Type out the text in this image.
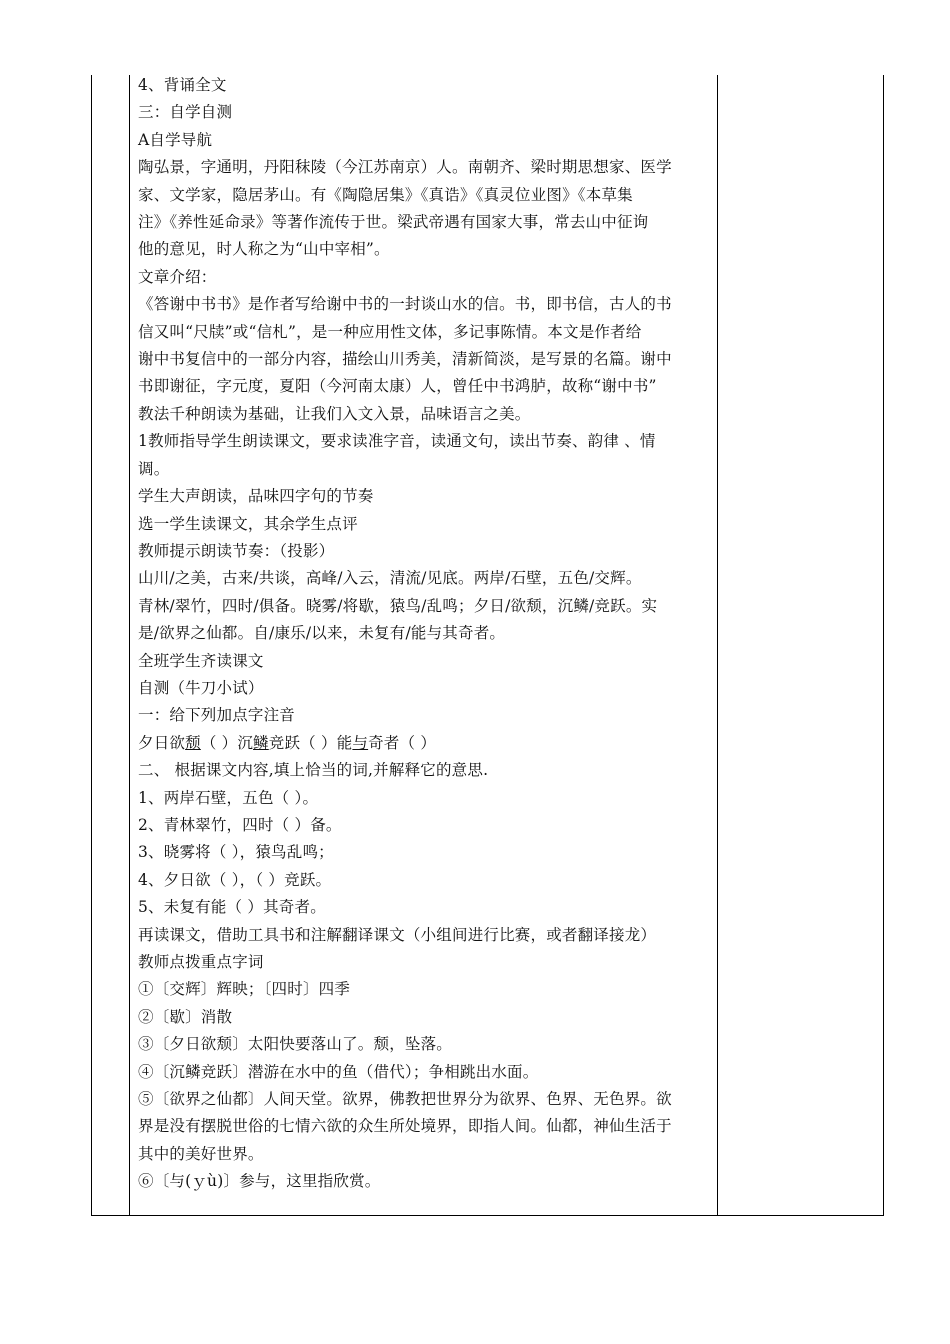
4、背诵全文
三：自学自测
A自学导航
陶弘景，字通明，丹阳秣陵（今江苏南京）人。南朝齐、梁时期思想家、医学
家、文学家，隐居茅山。有《陶隐居集》《真诰》《真灵位业图》《本草集
注》《养性延命录》等著作流传于世。梁武帝遇有国家大事，常去山中征询
他的意见，时人称之为“山中宰相”。
文章介绍：
《答谢中书书》是作者写给谢中书的一封谈山水的信。书，即书信，古人的书
信又叫“尺牍”或“信札”，是一种应用性文体，多记事陈情。本文是作者给
谢中书复信中的一部分内容，描绘山川秀美，清新简淡，是写景的名篇。谢中
书即谢征，字元度，夏阳（今河南太康）人，曾任中书鸿胪，故称“谢中书”
教法千种朗读为基础，让我们入文入景，品味语言之美。
1教师指导学生朗读课文，要求读准字音，读通文句，读出节奏、韵律 、情
调。
学生大声朗读，品味四字句的节奏
选一学生读课文，其余学生点评
教师提示朗读节奏：（投影）
山川/之美，古来/共谈，高峰/入云，清流/见底。两岸/石壁，五色/交辉。
青林/翠竹，四时/俱备。晓雾/将歇，猿鸟/乱鸣；夕日/欲颓，沉鳞/竞跃。实
是/欲界之仙都。自/康乐/以来，未复有/能与其奇者。
全班学生齐读课文
自测（牛刀小试）
一：给下列加点字注音
夕日欲颓（ ）沉鳞竞跃（ ）能与奇者（ ）
二、 根据课文内容,填上恰当的词,并解释它的意思.
1、两岸石壁，五色（ ）。
2、青林翠竹，四时（ ）备。
3、晓雾将（ ），猿鸟乱鸣；
4、夕日欲（ ），（ ）竞跃。
5、未复有能（ ）其奇者。
再读课文，借助工具书和注解翻译课文（小组间进行比赛，或者翻译接龙）
教师点拨重点字词
①〔交辉〕辉映；〔四时〕四季
②〔歇〕消散
③〔夕日欲颓〕太阳快要落山了。颓，坠落。
④〔沉鳞竞跃〕潜游在水中的鱼（借代）；争相跳出水面。
⑤〔欲界之仙都〕人间天堂。欲界，佛教把世界分为欲界、色界、无色界。欲
界是没有摆脱世俗的七情六欲的众生所处境界，即指人间。仙都，神仙生活于
其中的美好世界。
⑥〔与(ｙù)〕参与，这里指欣赏。
